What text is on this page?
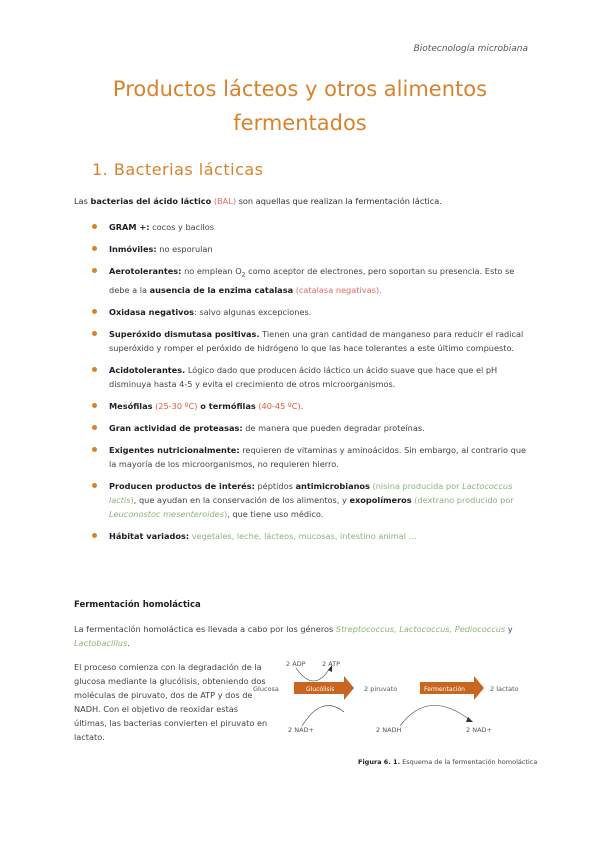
Biotecnología microbiana
Productos lácteos y otros alimentos
fermentados
1. Bacterias lácticas
Las bacterias del ácido láctico (BAL) son aquellas que realizan la fermentación láctica.
GRAM +: cocos y bacilos
Inmóviles: no esporulan
Aerotolerantes: no emplean $O_2$ como aceptor de electrones, pero soportan su presencia. Esto se debe a la ausencia de la enzima catalasa (catalasa negativas).
Oxidasa negativos: salvo algunas excepciones.
Superóxido dismutasa positivas. Tienen una gran cantidad de manganeso para reducir el radical superóxido y romper el peróxido de hidrógeno lo que las hace tolerantes a este último compuesto.
Acidotolerantes. Lógico dado que producen ácido láctico un ácido suave que hace que el pH disminuya hasta 4-5 y evita el crecimiento de otros microorganismos.
Mesófilas (25-30 ºC) o termófilas (40-45 ºC).
Gran actividad de proteasas: de manera que pueden degradar proteínas.
Exigentes nutricionalmente: requieren de vitaminas y aminoácidos. Sin embargo, al contrario que la mayoría de los microorganismos, no requieren hierro.
Producen productos de interés: péptidos antimicrobianos (nisina producida por Lactococcus lactis), que ayudan en la conservación de los alimentos, y exopolímeros (dextrano producido por Leuconostoc mesenteroides), que tiene uso médico.
Hábitat variados: vegetales, leche, lácteos, mucosas, intestino animal …
Fermentación homoláctica
La fermentación homoláctica es llevada a cabo por los géneros Streptococcus, Lactococcus, Pediococcus y Lactobacillus.
El proceso comienza con la degradación de la glucosa mediante la glucólisis, obteniendo dos moléculas de piruvato, dos de ATP y dos de NADH. Con el objetivo de reoxidar estas últimas, las bacterias convierten el piruvato en lactato.
Glucosa	Glucólisis
2 ADP	2 ATP
2 NAD+
2 piruvato	Fermentación
2 NADH	2 NAD+
2 lactato
Figura 6. 1. Esquema de la fermentación homoláctica
